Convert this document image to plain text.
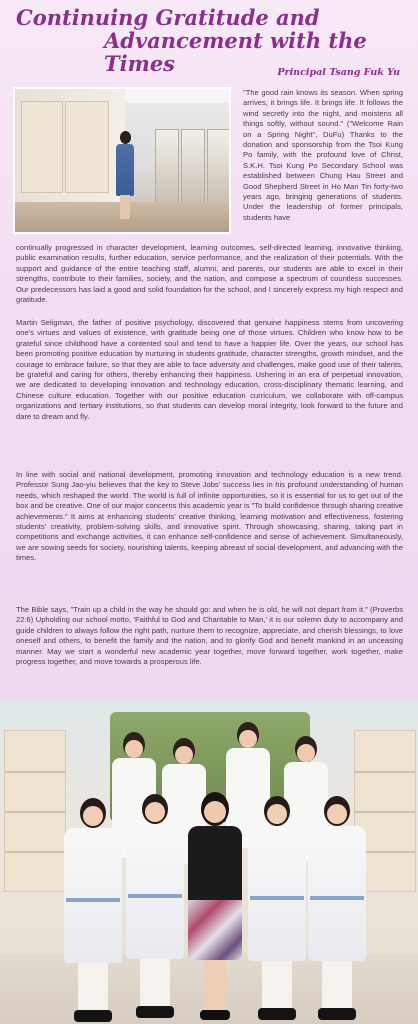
Continuing Gratitude and
Advancement with the Times	Principal Tsang Fuk Yu
"The good rain knows its season. When spring arrives, it brings life. It brings life. It follows the wind secretly into the night, and moistens all things softly, without sound." ("Welcome Rain on a Spring Night", DuFu) Thanks to the donation and sponsorship from the Tsoi Kung Po family, with the profound love of Christ, S.K.H. Tsoi Kung Po Secondary School was established between Chung Hau Street and Good Shepherd Street in Ho Man Tin forty-two years ago, bringing generations of students. Under the leadership of former principals, students have
continually progressed in character development, learning outcomes, self-directed learning, innovative thinking, public examination results, further education, service performance, and the realization of their potentials. With the support and guidance of the entire teaching staff, alumni, and parents, our students are able to excel in their strengths, contribute to their families, society, and the nation, and compose a spectrum of countless successes. Our predecessors has laid a good and solid foundation for the school, and I sincerely express my high respect and gratitude.
Martin Seligman, the father of positive psychology, discovered that genuine happiness stems from uncovering one's virtues and values of existence, with gratitude being one of those virtues. Children who know how to be grateful since childhood have a contented soul and tend to have a happier life. Over the years, our school has been promoting positive education by nurturing in students gratitude, character strengths, growth mindset, and the courage to embrace failure, so that they are able to face adversity and challenges, make good use of their talents, be grateful and caring for others, thereby enhancing their happiness. Ushering in an era of perpetual innovation, we are dedicated to developing innovation and technology education, cross-disciplinary thematic learning, and Chinese culture education. Together with our positive education curriculum, we collaborate with off-campus organizations and tertiary institutions, so that students can develop moral integrity, look forward to the future and dare to dream and fly.
In line with social and national development, promoting innovation and technology education is a new trend. Professor Sung Jao-yiu believes that the key to Steve Jobs' success lies in his profound understanding of human needs, which reshaped the world. The world is full of infinite opportunities, so it is essential for us to get out of the box and be creative. One of our major concerns this academic year is "To build confidence through sharing creative achievements." It aims at enhancing students' creative thinking, learning motivation and effectiveness, fostering students' creativity, problem-solving skills, and innovative spirit. Through showcasing, sharing, taking part in competitions and exchange activities, it can enhance self-confidence and sense of achievement. Simultaneously, we are sowing seeds for society, nourishing talents, keeping abreast of social development, and advancing with the times.
The Bible says, "Train up a child in the way he should go: and when he is old, he will not depart from it." (Proverbs 22:6) Upholding our school motto, 'Faithful to God and Charitable to Man,' it is our solemn duty to accompany and guide children to always follow the right path, nurture them to recognize, appreciate, and cherish blessings, to love oneself and others, to benefit the family and the nation, and to glorify God and benefit mankind in an unceasing manner. May we start a wonderful new academic year together, move forward together, work together, make progress together, and move towards a prosperous life.
